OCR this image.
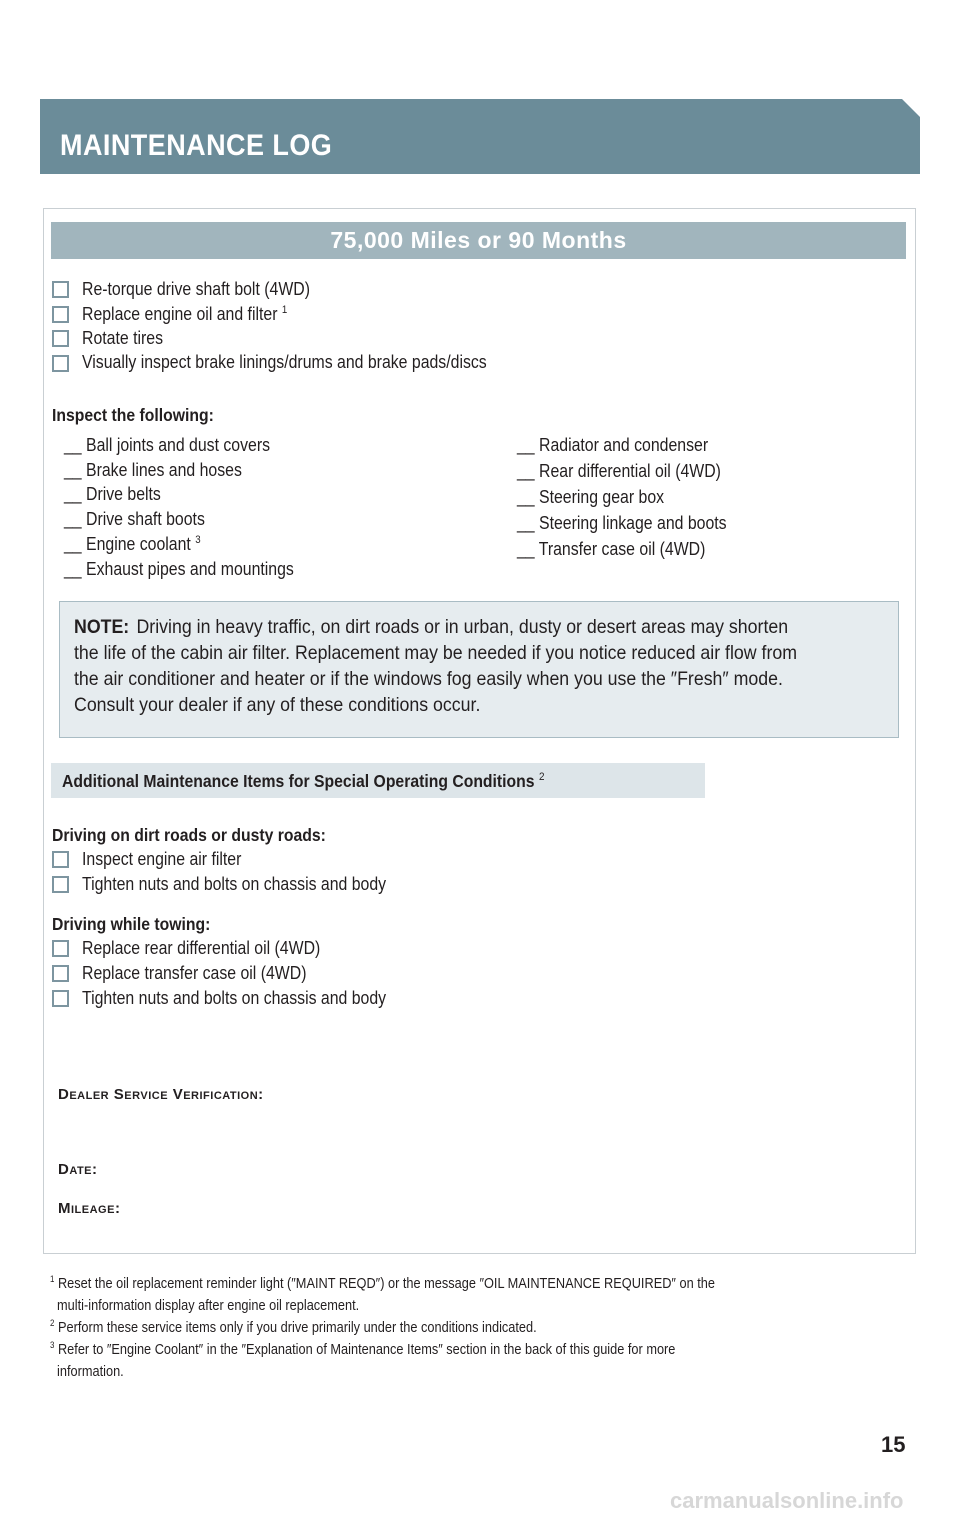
MAINTENANCE LOG
75,000 Miles or 90 Months
Re-torque drive shaft bolt (4WD)
Replace engine oil and filter $^1$
Rotate tires
Visually inspect brake linings/drums and brake pads/discs
Inspect the following:
__ Ball joints and dust covers
__ Brake lines and hoses
__ Drive belts
__ Drive shaft boots
__ Engine coolant $^3$
__ Exhaust pipes and mountings
__ Radiator and condenser
__ Rear differential oil (4WD)
__ Steering gear box
__ Steering linkage and boots
__ Transfer case oil (4WD)
NOTE: Driving in heavy traffic, on dirt roads or in urban, dusty or desert areas may shorten
the life of the cabin air filter. Replacement may be needed if you notice reduced air flow from
the air conditioner and heater or if the windows fog easily when you use the ″Fresh″ mode.
Consult your dealer if any of these conditions occur.
Additional Maintenance Items for Special Operating Conditions $^2$
Driving on dirt roads or dusty roads:
Inspect engine air filter
Tighten nuts and bolts on chassis and body
Driving while towing:
Replace rear differential oil (4WD)
Replace transfer case oil (4WD)
Tighten nuts and bolts on chassis and body
Dealer Service Verification:
Date:
Mileage:
$^1$ Reset the oil replacement reminder light (″MAINT REQD″) or the message ″OIL MAINTENANCE REQUIRED″ on the
multi-information display after engine oil replacement.
$^2$ Perform these service items only if you drive primarily under the conditions indicated.
$^3$ Refer to ″Engine Coolant″ in the ″Explanation of Maintenance Items″ section in the back of this guide for more
information.
15
carmanualsonline.info
